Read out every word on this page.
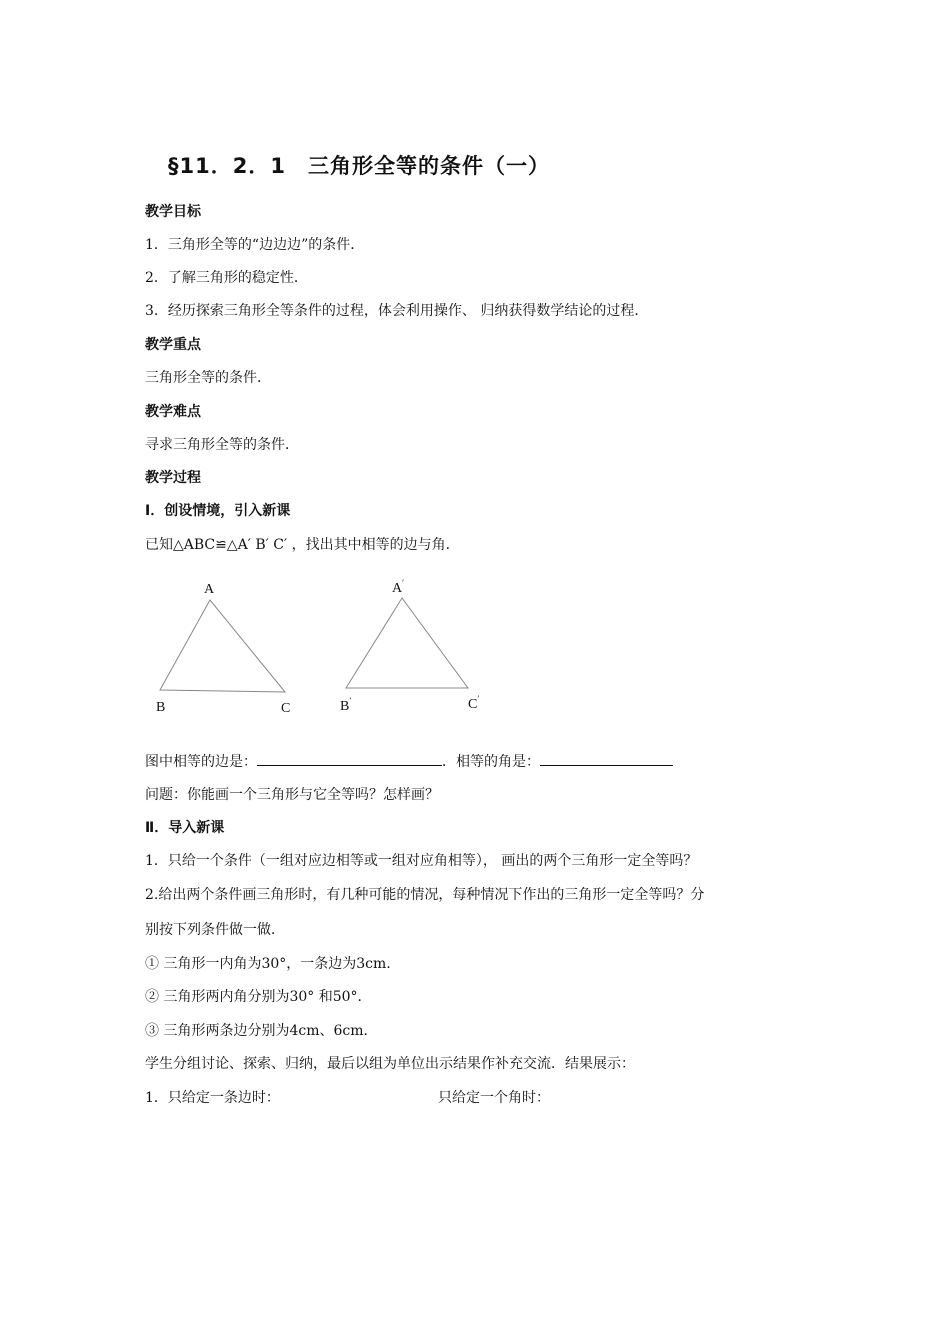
§11．2．1　三角形全等的条件（一）
教学目标
1．三角形全等的“边边边”的条件．
2．了解三角形的稳定性．
3．经历探索三角形全等条件的过程，体会利用操作、 归纳获得数学结论的过程．
教学重点
三角形全等的条件．
教学难点
寻求三角形全等的条件．
教学过程
Ⅰ．创设情境，引入新课
已知△ABC≌△A′ B′ C′ ，找出其中相等的边与角．
A
B	C
A′
B′	C′
图中相等的边是：	．相等的角是：
问题：你能画一个三角形与它全等吗？怎样画？
Ⅱ．导入新课
1．只给一个条件（一组对应边相等或一组对应角相等）， 画出的两个三角形一定全等吗？
2.给出两个条件画三角形时，有几种可能的情况，每种情况下作出的三角形一定全等吗？分
别按下列条件做一做．
① 三角形一内角为30°，一条边为3cm.
② 三角形两内角分别为30° 和50°．
③ 三角形两条边分别为4cm、6cm．
学生分组讨论、探索、归纳，最后以组为单位出示结果作补充交流．结果展示：
1．只给定一条边时：	只给定一个角时：
